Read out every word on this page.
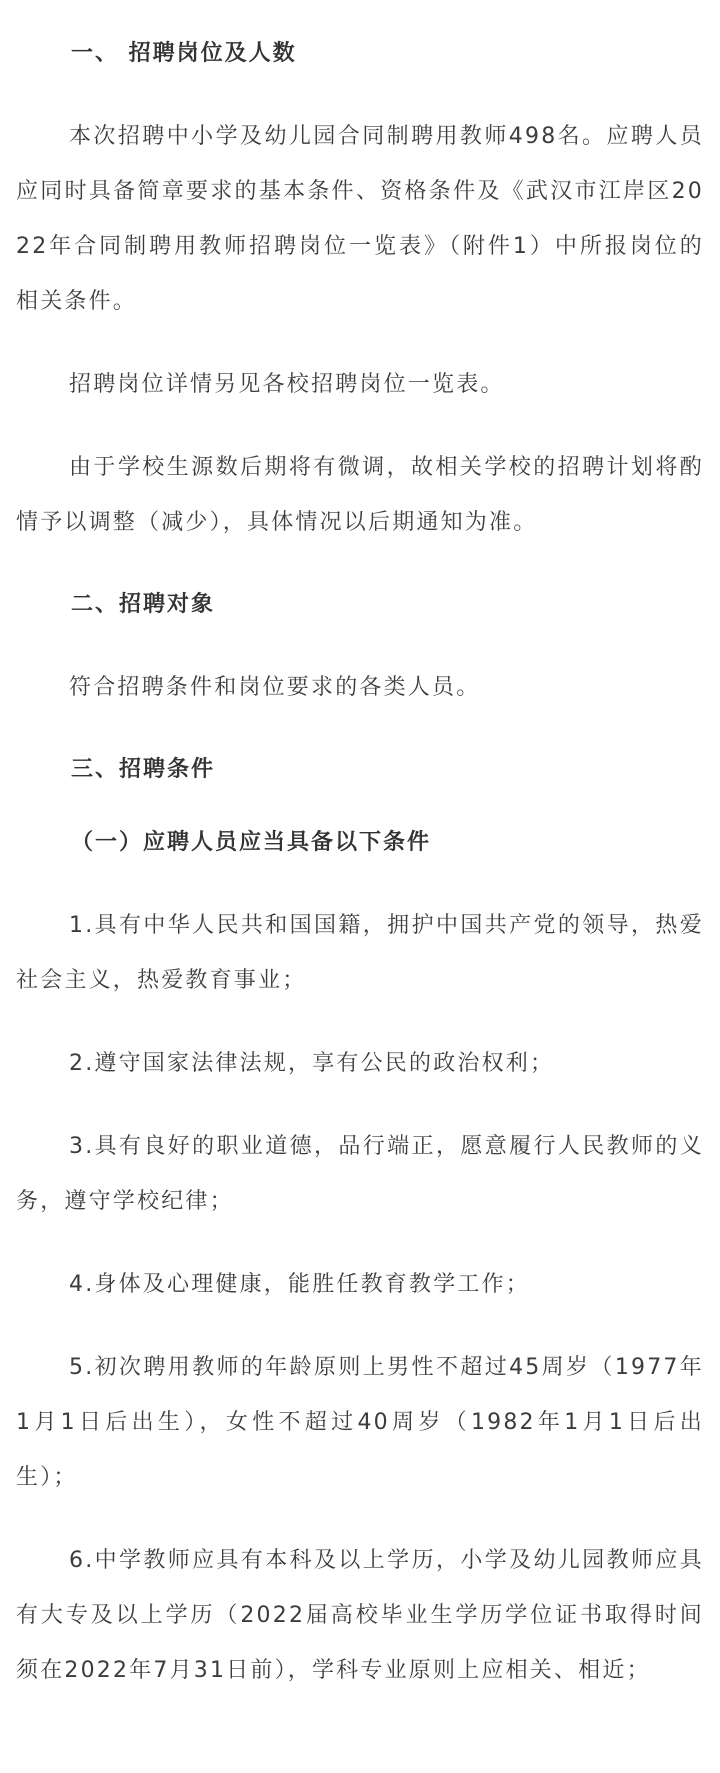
一、 招聘岗位及人数

本次招聘中小学及幼儿园合同制聘用教师498名。应聘人员应同时具备简章要求的基本条件、资格条件及《武汉市江岸区2022年合同制聘用教师招聘岗位一览表》（附件1）中所报岗位的相关条件。

招聘岗位详情另见各校招聘岗位一览表。

由于学校生源数后期将有微调，故相关学校的招聘计划将酌情予以调整（减少），具体情况以后期通知为准。

二、招聘对象

符合招聘条件和岗位要求的各类人员。

三、招聘条件
（一）应聘人员应当具备以下条件

1.具有中华人民共和国国籍，拥护中国共产党的领导，热爱社会主义，热爱教育事业；

2.遵守国家法律法规，享有公民的政治权利；

3.具有良好的职业道德，品行端正，愿意履行人民教师的义务，遵守学校纪律；

4.身体及心理健康，能胜任教育教学工作；

5.初次聘用教师的年龄原则上男性不超过45周岁（1977年1月1日后出生），女性不超过40周岁（1982年1月1日后出生）；

6.中学教师应具有本科及以上学历，小学及幼儿园教师应具有大专及以上学历（2022届高校毕业生学历学位证书取得时间须在2022年7月31日前），学科专业原则上应相关、相近；
